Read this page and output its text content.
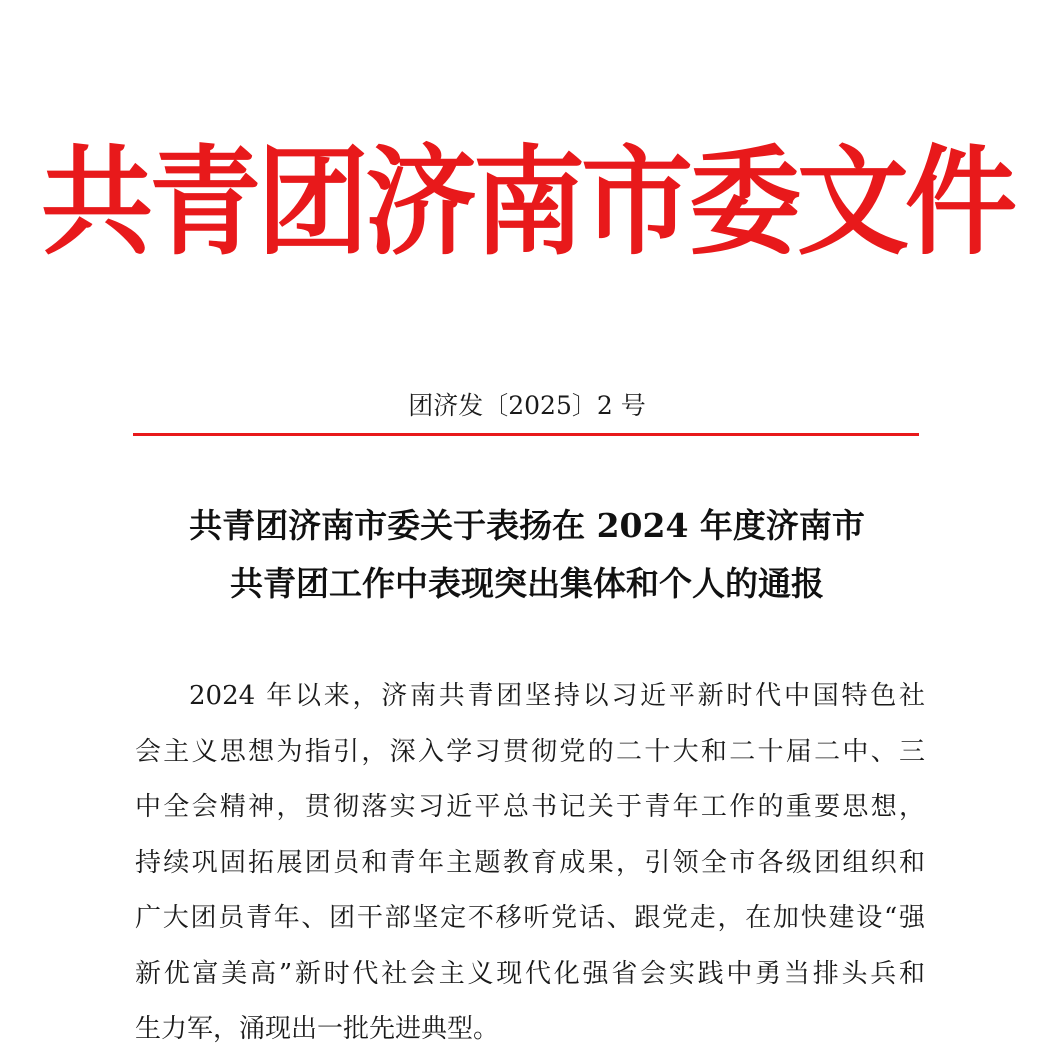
共青团济南市委文件
团济发〔2025〕2 号
共青团济南市委关于表扬在 2024 年度济南市
共青团工作中表现突出集体和个人的通报
2024 年以来，济南共青团坚持以习近平新时代中国特色社
会主义思想为指引，深入学习贯彻党的二十大和二十届二中、三
中全会精神，贯彻落实习近平总书记关于青年工作的重要思想，
持续巩固拓展团员和青年主题教育成果，引领全市各级团组织和
广大团员青年、团干部坚定不移听党话、跟党走，在加快建设“强
新优富美高”新时代社会主义现代化强省会实践中勇当排头兵和
生力军，涌现出一批先进典型。
